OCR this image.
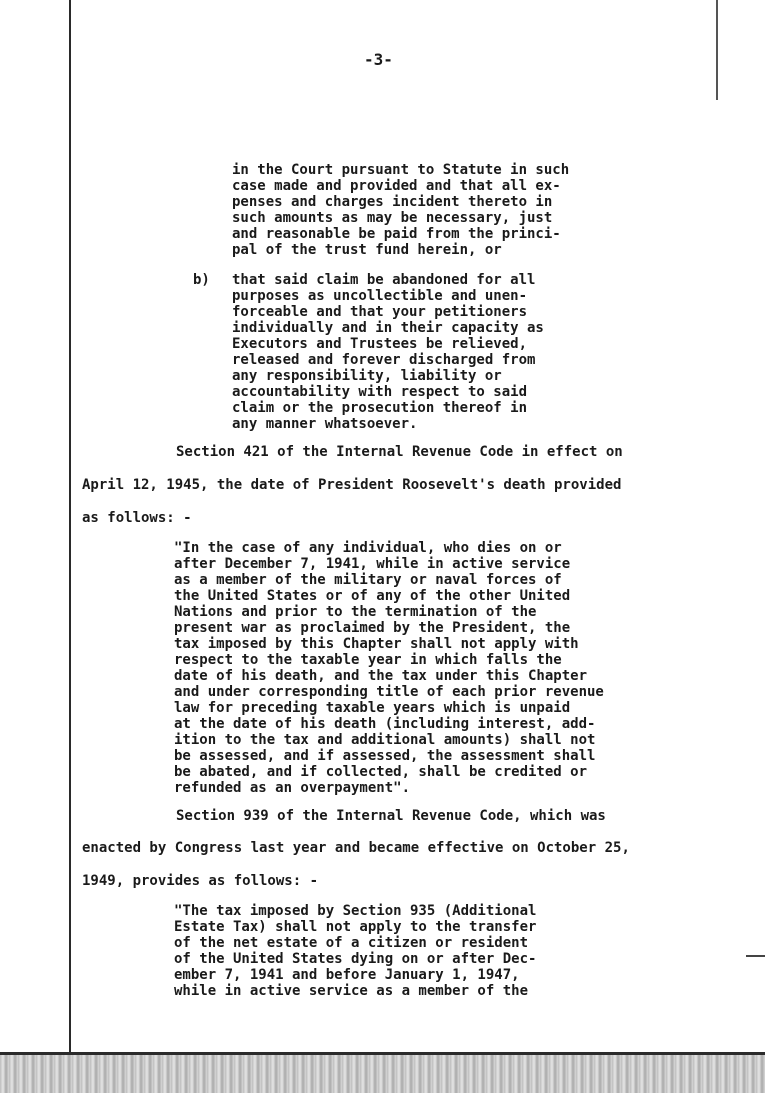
-3-
in the Court pursuant to Statute in such
case made and provided and that all ex-
penses and charges incident thereto in
such amounts as may be necessary, just
and reasonable be paid from the princi-
pal of the trust fund herein, or
b) that said claim be abandoned for all
purposes as uncollectible and unen-
forceable and that your petitioners
individually and in their capacity as
Executors and Trustees be relieved,
released and forever discharged from
any responsibility, liability or
accountability with respect to said
claim or the prosecution thereof in
any manner whatsoever.
Section 421 of the Internal Revenue Code in effect on
April 12, 1945, the date of President Roosevelt's death provided
as follows: -
"In the case of any individual, who dies on or
after December 7, 1941, while in active service
as a member of the military or naval forces of
the United States or of any of the other United
Nations and prior to the termination of the
present war as proclaimed by the President, the
tax imposed by this Chapter shall not apply with
respect to the taxable year in which falls the
date of his death, and the tax under this Chapter
and under corresponding title of each prior revenue
law for preceding taxable years which is unpaid
at the date of his death (including interest, add-
ition to the tax and additional amounts) shall not
be assessed, and if assessed, the assessment shall
be abated, and if collected, shall be credited or
refunded as an overpayment".
Section 939 of the Internal Revenue Code, which was
enacted by Congress last year and became effective on October 25,
1949, provides as follows: -
"The tax imposed by Section 935 (Additional
Estate Tax) shall not apply to the transfer
of the net estate of a citizen or resident
of the United States dying on or after Dec-
ember 7, 1941 and before January 1, 1947,
while in active service as a member of the
